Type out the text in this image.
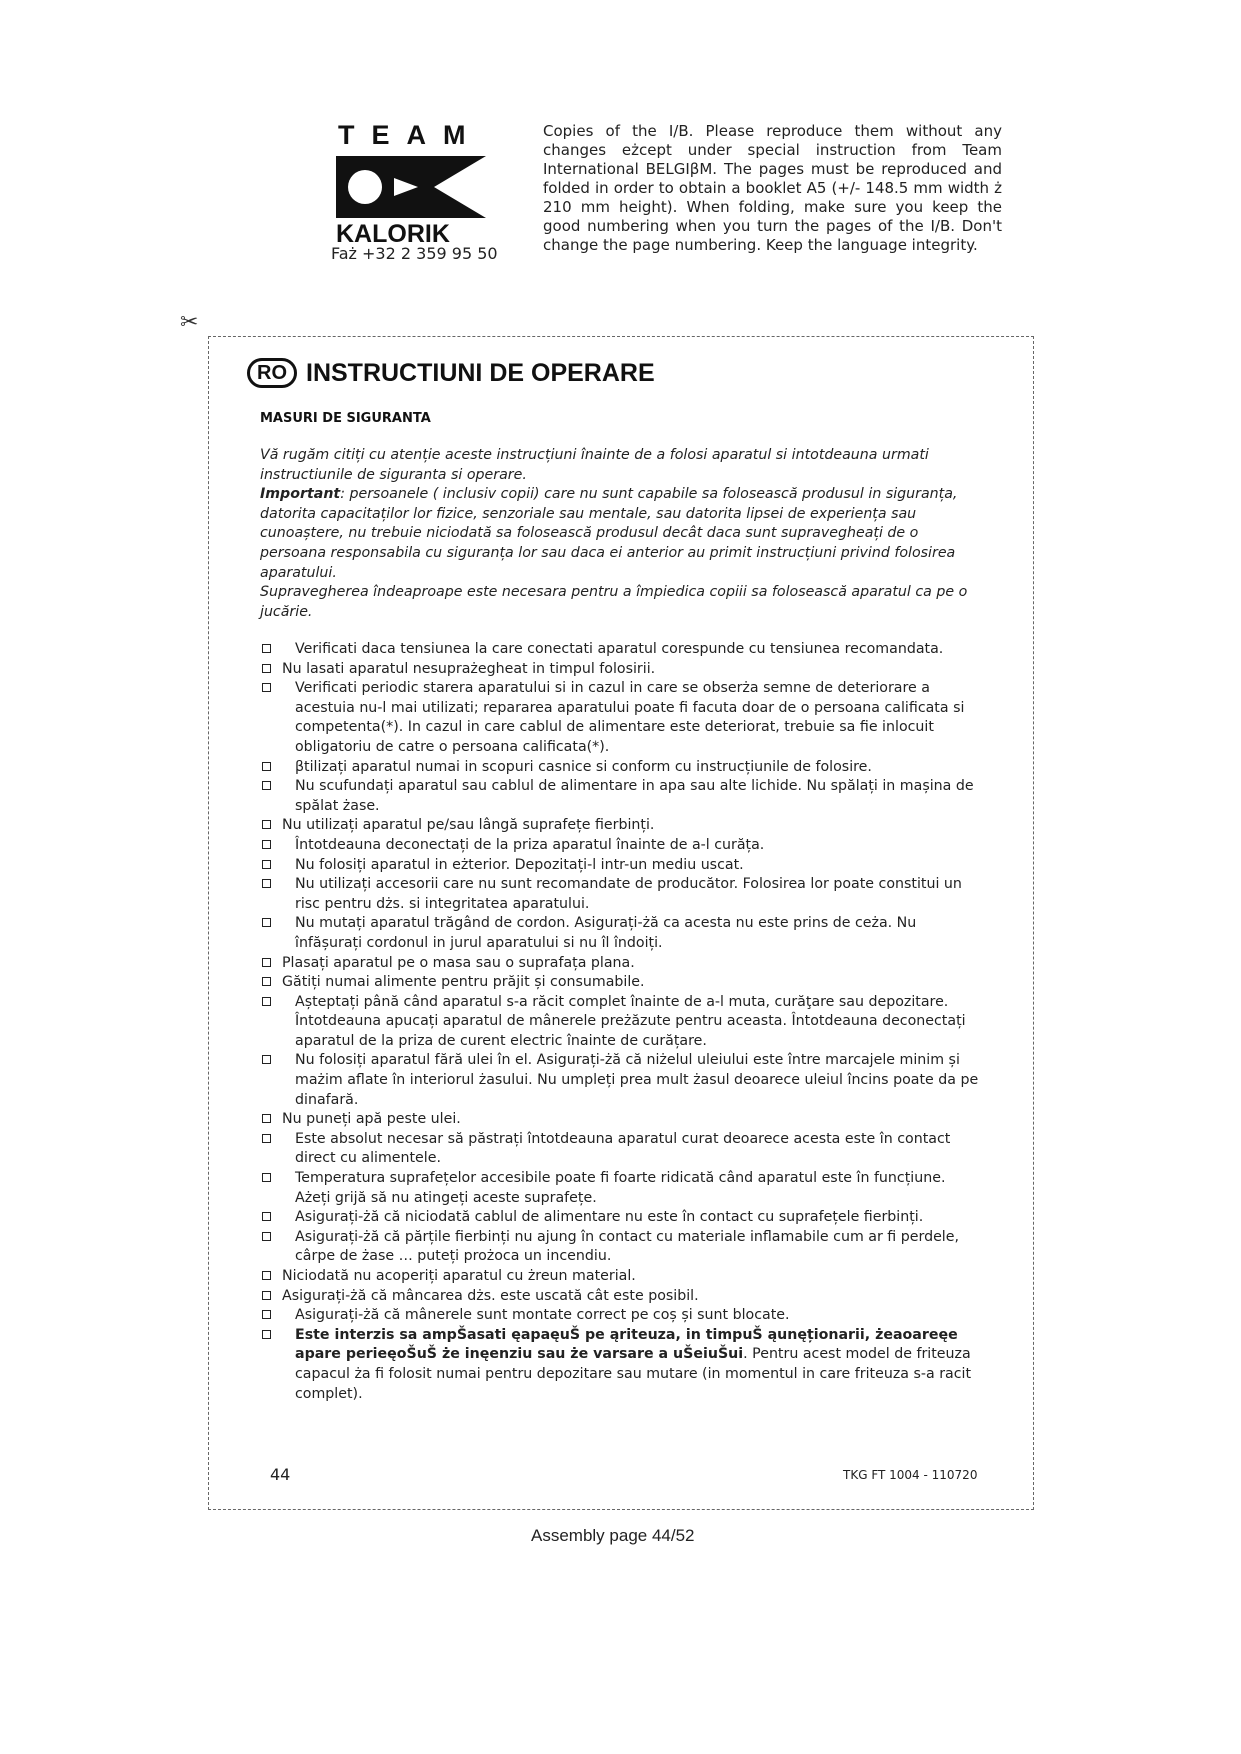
TEAM
KALORIK
Faż +32 2 359 95 50
Copies of the I/B. Please reproduce them without any changes eżcept under special instruction from Team International BELGIβM. The pages must be reproduced and folded in order to obtain a booklet A5 (+/- 148.5 mm width ż 210 mm height). When folding, make sure you keep the good numbering when you turn the pages of the I/B. Don't change the page numbering. Keep the language integrity.
✂
RO INSTRUCTIUNI DE OPERARE
MASURI DE SIGURANTA

Vă rugăm citiți cu atenție aceste instrucțiuni înainte de a folosi aparatul si intotdeauna urmati instructiunile de siguranta si operare.

Important: persoanele ( inclusiv copii) care nu sunt capabile sa folosească produsul in siguranța, datorita capacitaților lor fizice, senzoriale sau mentale, sau datorita lipsei de experiența sau cunoaștere, nu trebuie niciodată sa folosească produsul decât daca sunt supravegheați de o persoana responsabila cu siguranța lor sau daca ei anterior au primit instrucțiuni privind folosirea aparatului.

Supravegherea îndeaproape este necesara pentru a împiedica copiii sa folosească aparatul ca pe o jucărie.

Verificati daca tensiunea la care conectati aparatul corespunde cu tensiunea recomandata.
Nu lasati aparatul nesuprażegheat in timpul folosirii.
Verificati periodic starera aparatului si in cazul in care se obserża semne de deteriorare a acestuia nu-l mai utilizati; repararea aparatului poate fi facuta doar de o persoana calificata si competenta(*). In cazul in care cablul de alimentare este deteriorat, trebuie sa fie inlocuit obligatoriu de catre o persoana calificata(*).
βtilizați aparatul numai in scopuri casnice si conform cu instrucțiunile de folosire.
Nu scufundați aparatul sau cablul de alimentare in apa sau alte lichide. Nu spălați in mașina de spălat żase.
Nu utilizați aparatul pe/sau lângă suprafețe fierbinți.
Întotdeauna deconectați de la priza aparatul înainte de a-l curăța.
Nu folosiți aparatul in eżterior. Depozitați-l intr-un mediu uscat.
Nu utilizați accesorii care nu sunt recomandate de producător. Folosirea lor poate constitui un risc pentru dżs. si integritatea aparatului.
Nu mutați aparatul trăgând de cordon. Asigurați-żă ca acesta nu este prins de ceża. Nu înfășurați cordonul in jurul aparatului si nu îl îndoiți.
Plasați aparatul pe o masa sau o suprafața plana.
Gătiți numai alimente pentru prăjit și consumabile.
Așteptați până când aparatul s-a răcit complet înainte de a-l muta, curăţare sau depozitare. Întotdeauna apucați aparatul de mânerele preżăzute pentru aceasta. Întotdeauna deconectați aparatul de la priza de curent electric înainte de curățare.
Nu folosiți aparatul fără ulei în el. Asigurați-żă că niżelul uleiului este între marcajele minim și mażim aflate în interiorul żasului. Nu umpleți prea mult żasul deoarece uleiul încins poate da pe dinafară.
Nu puneți apă peste ulei.
Este absolut necesar să păstrați întotdeauna aparatul curat deoarece acesta este în contact direct cu alimentele.
Temperatura suprafețelor accesibile poate fi foarte ridicată când aparatul este în funcțiune. Ażeți grijă să nu atingeți aceste suprafețe.
Asigurați-żă că niciodată cablul de alimentare nu este în contact cu suprafețele fierbinți.
Asigurați-żă că părțile fierbinți nu ajung în contact cu materiale inflamabile cum ar fi perdele, cârpe de żase … puteți prożoca un incendiu.
Niciodată nu acoperiți aparatul cu żreun material.
Asigurați-żă că mâncarea dżs. este uscată cât este posibil.
Asigurați-żă că mânerele sunt montate correct pe coș și sunt blocate.
Este interzis sa ampŠasati ęapaęuŠ pe ąriteuza, in timpuŠ ąunęționarii, żeaoareęe apare perieęoŠuŠ że inęenziu sau że varsare a uŠeiuŠui. Pentru acest model de friteuza capacul ża fi folosit numai pentru depozitare sau mutare (in momentul in care friteuza s-a racit complet).
44	TKG FT 1004 - 110720
Assembly page 44/52
